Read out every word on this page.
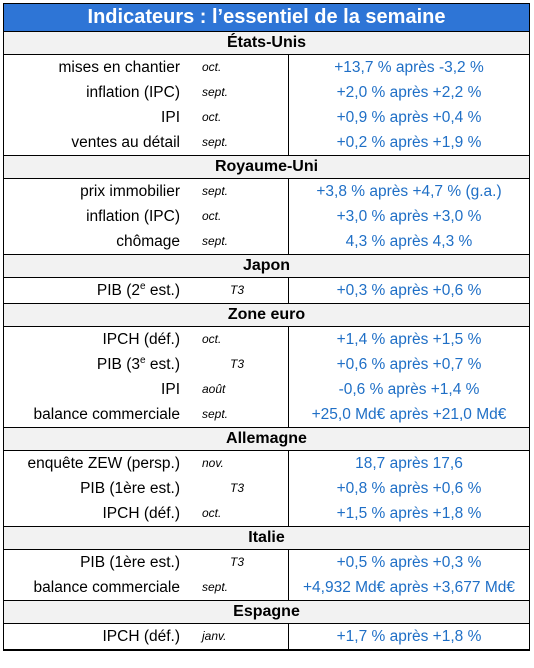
Indicateurs : l’essentiel de la semaine
États-Unis
mises en chantier	oct.	+13,7 % après -3,2 %
inflation (IPC)	sept.	+2,0 % après +2,2 %
IPI	oct.	+0,9 % après +0,4 %
ventes au détail	sept.	+0,2 % après +1,9 %
Royaume-Uni
prix immobilier	sept.	+3,8 % après +4,7 % (g.a.)
inflation (IPC)	oct.	+3,0 % après +3,0 %
chômage	sept.	4,3 % après 4,3 %
Japon
PIB (2e est.)	T3	+0,3 % après +0,6 %
Zone euro
IPCH (déf.)	oct.	+1,4 % après +1,5 %
PIB (3e est.)	T3	+0,6 % après +0,7 %
IPI	août	-0,6 % après +1,4 %
balance commerciale	sept.	+25,0 Md€ après +21,0 Md€
Allemagne
enquête ZEW (persp.)	nov.	18,7 après 17,6
PIB (1ère est.)	T3	+0,8 % après +0,6 %
IPCH (déf.)	oct.	+1,5 % après +1,8 %
Italie
PIB (1ère est.)	T3	+0,5 % après +0,3 %
balance commerciale	sept.	+4,932 Md€ après +3,677 Md€
Espagne
IPCH (déf.)	janv.	+1,7 % après +1,8 %
